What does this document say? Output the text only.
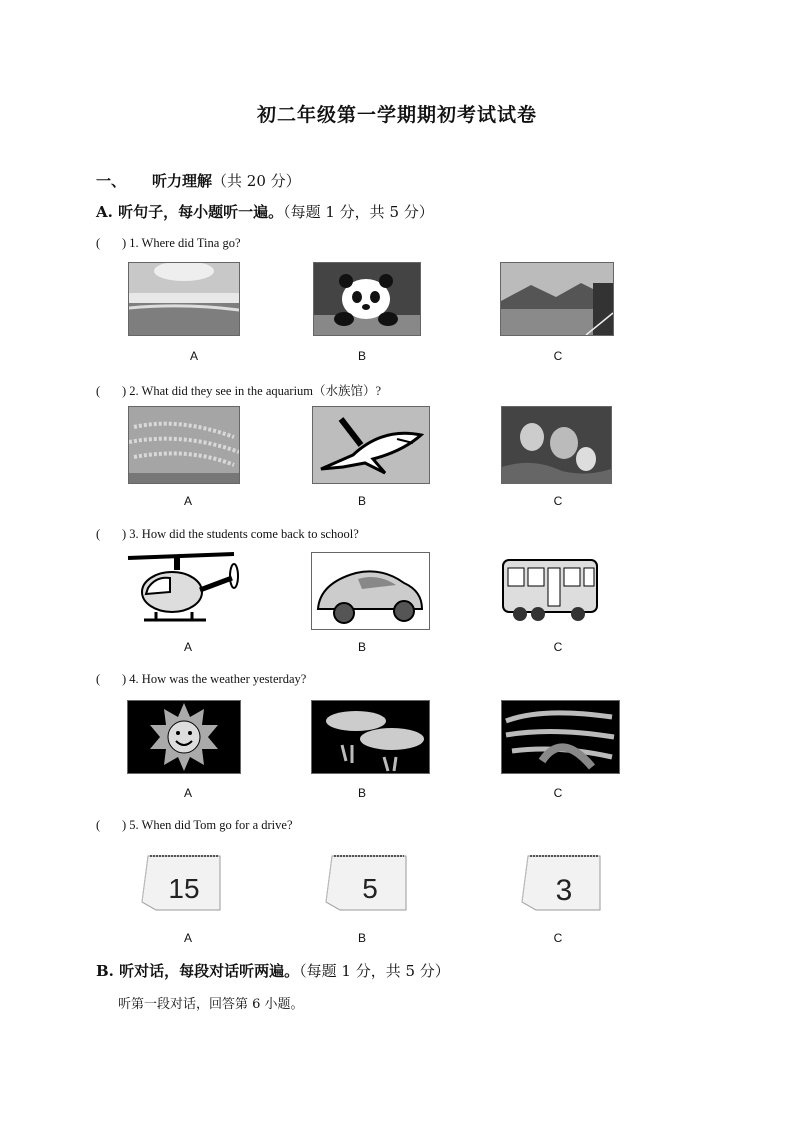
初二年级第一学期期初考试试卷
一、 听力理解（共 20 分）
A. 听句子，每小题听一遍。（每题 1 分，共 5 分）
( ) 1. Where did Tina go?
A	B	C
( ) 2. What did they see in the aquarium（水族馆）?
A	B	C
( ) 3. How did the students come back to school?
A	B	C
( ) 4. How was the weather yesterday?
A	B	C
( ) 5. When did Tom go for a drive?
15	5	3
A	B	C
B. 听对话，每段对话听两遍。（每题 1 分，共 5 分）
听第一段对话，回答第 6 小题。
